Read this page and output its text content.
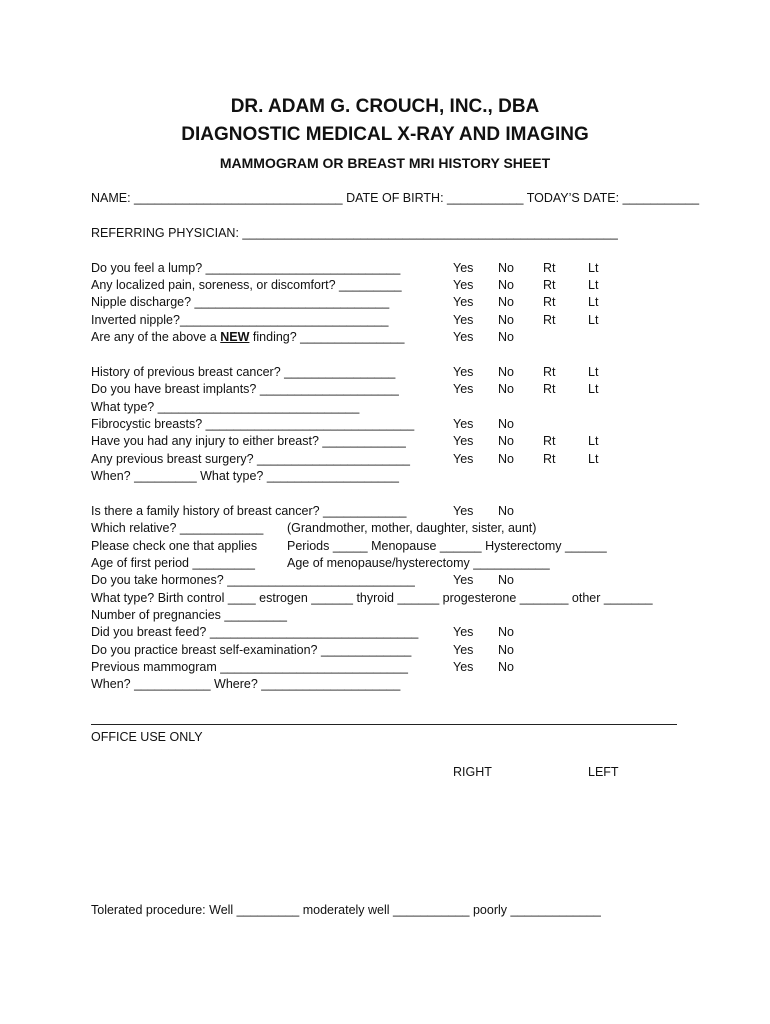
DR. ADAM G. CROUCH, INC., DBA
DIAGNOSTIC MEDICAL X-RAY AND IMAGING
MAMMOGRAM OR BREAST MRI HISTORY SHEET
NAME: ______________________________ DATE OF BIRTH: ___________ TODAY’S DATE: ___________
REFERRING PHYSICIAN: ______________________________________________________
Do you feel a lump? ____________________________	Yes No Rt	Lt
Any localized pain, soreness, or discomfort? _________	Yes No Rt	Lt
Nipple discharge? ____________________________	Yes No Rt	Lt
Inverted nipple?______________________________	Yes No Rt	Lt
Are any of the above a NEW finding? _______________	Yes No
History of previous breast cancer? ________________	Yes No Rt	Lt
Do you have breast implants? ____________________	Yes No Rt	Lt
What type? _____________________________
Fibrocystic breasts? ______________________________	Yes No
Have you had any injury to either breast? ____________	Yes No Rt	Lt
Any previous breast surgery? ______________________	Yes No Rt	Lt
When? _________ What type? ___________________
Is there a family history of breast cancer? ____________	Yes No
Which relative? ____________ (Grandmother, mother, daughter, sister, aunt)
Please check one that applies Periods _____ Menopause ______ Hysterectomy ______
Age of first period _________	Age of menopause/hysterectomy ___________
Do you take hormones? ___________________________	Yes No
What type? Birth control ____ estrogen ______ thyroid ______ progesterone _______ other _______
Number of pregnancies _________
Did you breast feed? ______________________________	Yes No
Do you practice breast self-examination? _____________	Yes No
Previous mammogram ___________________________	Yes No
When? ___________ Where? ____________________
OFFICE USE ONLY
RIGHT	LEFT
Tolerated procedure: Well _________ moderately well ___________ poorly _____________
